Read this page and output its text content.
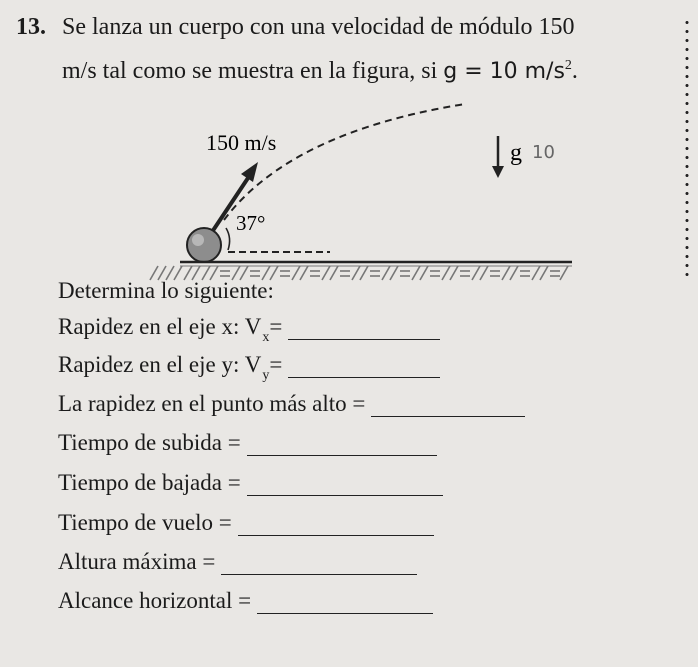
13. Se lanza un cuerpo con una velocidad de módulo 150
m/s tal como se muestra en la figura, si g = 10 $m/s^2$.
150 m/s
37°
g 10
Determina lo siguiente:
Rapidez en el eje x: V x =
Rapidez en el eje y: V y =
La rapidez en el punto más alto =
Tiempo de subida =
Tiempo de bajada =
Tiempo de vuelo =
Altura máxima =
Alcance horizontal =
